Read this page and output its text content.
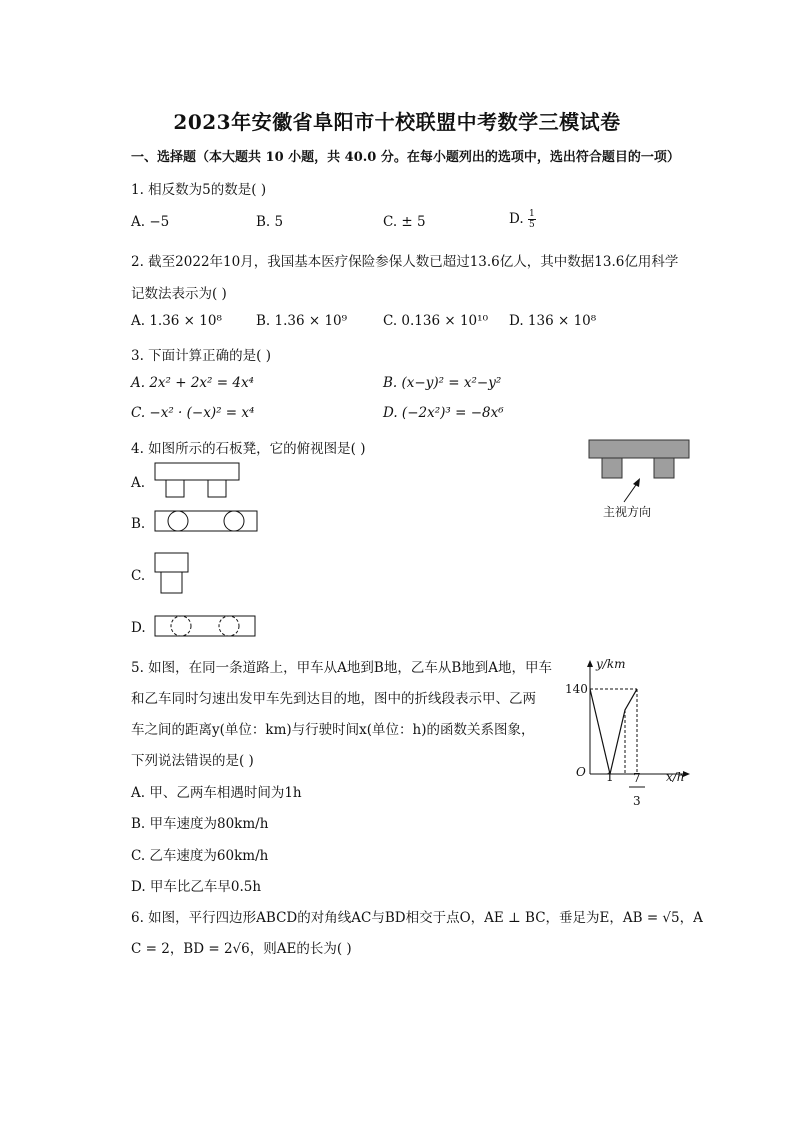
2023年安徽省阜阳市十校联盟中考数学三模试卷
一、选择题（本大题共 10 小题，共 40.0 分。在每小题列出的选项中，选出符合题目的一项）
1. 相反数为5的数是( )
A. −5	B. 5	C. ± 5	D. $\frac{1}{5}$
2. 截至2022年10月，我国基本医疗保险参保人数已超过13.6亿人，其中数据13.6亿用科学
记数法表示为( )
A. 1.36 × 10⁸	B. 1.36 × 10⁹	C. 0.136 × 10¹⁰ D. 136 × 10⁸
3. 下面计算正确的是( )
A. 2x² + 2x² = 4x⁴	B. (x−y)² = x²−y²
C. −x² · (−x)² = x⁴	D. (−2x²)³ = −8x⁶
4. 如图所示的石板凳，它的俯视图是( )
A.
B.
C.
D.
主视方向
5. 如图，在同一条道路上，甲车从A地到B地，乙车从B地到A地，甲车
和乙车同时匀速出发甲车先到达目的地，图中的折线段表示甲、乙两
车之间的距离y(单位：km)与行驶时间x(单位：h)的函数关系图象，
下列说法错误的是( )
A. 甲、乙两车相遇时间为1h
B. 甲车速度为80km/h
C. 乙车速度为60km/h
D. 甲车比乙车早0.5h
y/km
140
O 1 7
3
x/h
6. 如图，平行四边形ABCD的对角线AC与BD相交于点O，AE ⊥ BC，垂足为E，AB = √5，A
C = 2，BD = 2√6，则AE的长为( )
